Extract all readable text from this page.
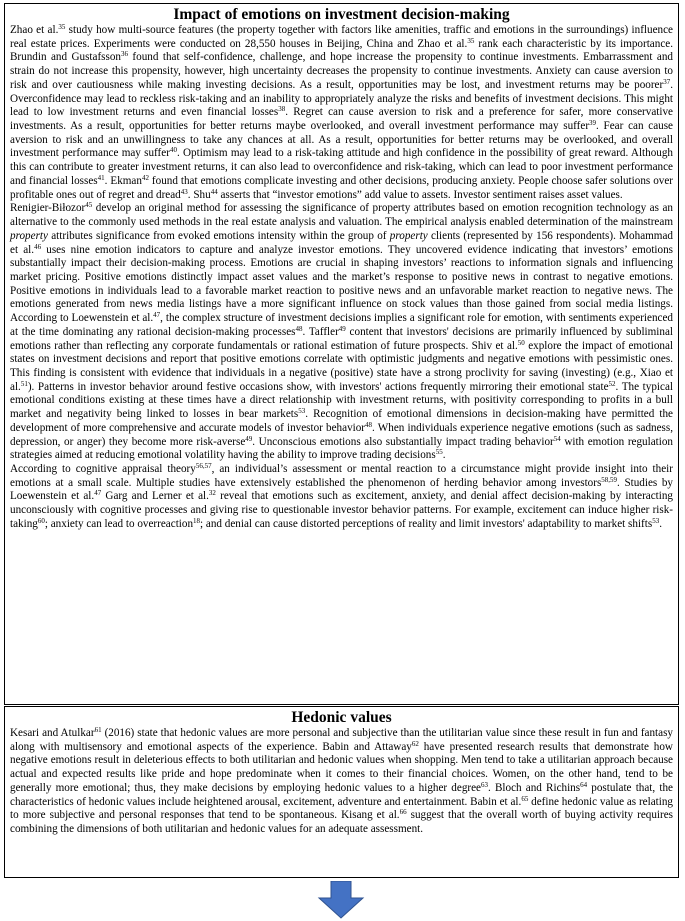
Impact of emotions on investment decision-making

Zhao et al.$^{35}$ study how multi-source features (the property together with factors like amenities, traffic and emotions in the surroundings) influence real estate prices. Experiments were conducted on 28,550 houses in Beijing, China and Zhao et al.$^{35}$ rank each characteristic by its importance. Brundin and Gustafsson$^{36}$ found that self-confidence, challenge, and hope increase the propensity to continue investments. Embarrassment and strain do not increase this propensity, however, high uncertainty decreases the propensity to continue investments. Anxiety can cause aversion to risk and over cautiousness while making investing decisions. As a result, opportunities may be lost, and investment returns may be poorer$^{37}$. Overconfidence may lead to reckless risk-taking and an inability to appropriately analyze the risks and benefits of investment decisions. This might lead to low investment returns and even financial losses$^{38}$. Regret can cause aversion to risk and a preference for safer, more conservative investments. As a result, opportunities for better returns maybe overlooked, and overall investment performance may suffer$^{39}$. Fear can cause aversion to risk and an unwillingness to take any chances at all. As a result, opportunities for better returns may be overlooked, and overall investment performance may suffer$^{40}$. Optimism may lead to a risk-taking attitude and high confidence in the possibility of great reward. Although this can contribute to greater investment returns, it can also lead to overconfidence and risk-taking, which can lead to poor investment performance and financial losses$^{41}$. Ekman$^{42}$ found that emotions complicate investing and other decisions, producing anxiety. People choose safer solutions over profitable ones out of regret and dread$^{43}$. Shu$^{44}$ asserts that “investor emotions” add value to assets. Investor sentiment raises asset values.

Renigier-Biłozor$^{45}$ develop an original method for assessing the significance of property attributes based on emotion recognition technology as an alternative to the commonly used methods in the real estate analysis and valuation. The empirical analysis enabled determination of the mainstream property attributes significance from evoked emotions intensity within the group of property clients (represented by 156 respondents). Mohammad et al.$^{46}$ uses nine emotion indicators to capture and analyze investor emotions. They uncovered evidence indicating that investors’ emotions substantially impact their decision-making process. Emotions are crucial in shaping investors’ reactions to information signals and influencing market pricing. Positive emotions distinctly impact asset values and the market’s response to positive news in contrast to negative emotions. Positive emotions in individuals lead to a favorable market reaction to positive news and an unfavorable market reaction to negative news. The emotions generated from news media listings have a more significant influence on stock values than those gained from social media listings. According to Loewenstein et al.$^{47}$, the complex structure of investment decisions implies a significant role for emotion, with sentiments experienced at the time dominating any rational decision-making processes$^{48}$. Taffler$^{49}$ content that investors' decisions are primarily influenced by subliminal emotions rather than reflecting any corporate fundamentals or rational estimation of future prospects. Shiv et al.$^{50}$ explore the impact of emotional states on investment decisions and report that positive emotions correlate with optimistic judgments and negative emotions with pessimistic ones. This finding is consistent with evidence that individuals in a negative (positive) state have a strong proclivity for saving (investing) (e.g., Xiao et al.$^{51}$). Patterns in investor behavior around festive occasions show, with investors' actions frequently mirroring their emotional state$^{52}$. The typical emotional conditions existing at these times have a direct relationship with investment returns, with positivity corresponding to profits in a bull market and negativity being linked to losses in bear markets$^{53}$. Recognition of emotional dimensions in decision-making have permitted the development of more comprehensive and accurate models of investor behavior$^{48}$. When individuals experience negative emotions (such as sadness, depression, or anger) they become more risk-averse$^{49}$. Unconscious emotions also substantially impact trading behavior$^{54}$ with emotion regulation strategies aimed at reducing emotional volatility having the ability to improve trading decisions$^{55}$.

According to cognitive appraisal theory$^{56,57}$, an individual’s assessment or mental reaction to a circumstance might provide insight into their emotions at a small scale. Multiple studies have extensively established the phenomenon of herding behavior among investors$^{58,59}$. Studies by Loewenstein et al.$^{47}$ Garg and Lerner et al.$^{32}$ reveal that emotions such as excitement, anxiety, and denial affect decision-making by interacting unconsciously with cognitive processes and giving rise to questionable investor behavior patterns. For example, excitement can induce higher risk-taking$^{60}$; anxiety can lead to overreaction$^{18}$; and denial can cause distorted perceptions of reality and limit investors' adaptability to market shifts$^{53}$.

Hedonic values

Kesari and Atulkar$^{61}$ (2016) state that hedonic values are more personal and subjective than the utilitarian value since these result in fun and fantasy along with multisensory and emotional aspects of the experience. Babin and Attaway$^{62}$ have presented research results that demonstrate how negative emotions result in deleterious effects to both utilitarian and hedonic values when shopping. Men tend to take a utilitarian approach because actual and expected results like pride and hope predominate when it comes to their financial choices. Women, on the other hand, tend to be generally more emotional; thus, they make decisions by employing hedonic values to a higher degree$^{63}$. Bloch and Richins$^{64}$ postulate that, the characteristics of hedonic values include heightened arousal, excitement, adventure and entertainment. Babin et al.$^{65}$ define hedonic value as relating to more subjective and personal responses that tend to be spontaneous. Kisang et al.$^{66}$ suggest that the overall worth of buying activity requires combining the dimensions of both utilitarian and hedonic values for an adequate assessment.
